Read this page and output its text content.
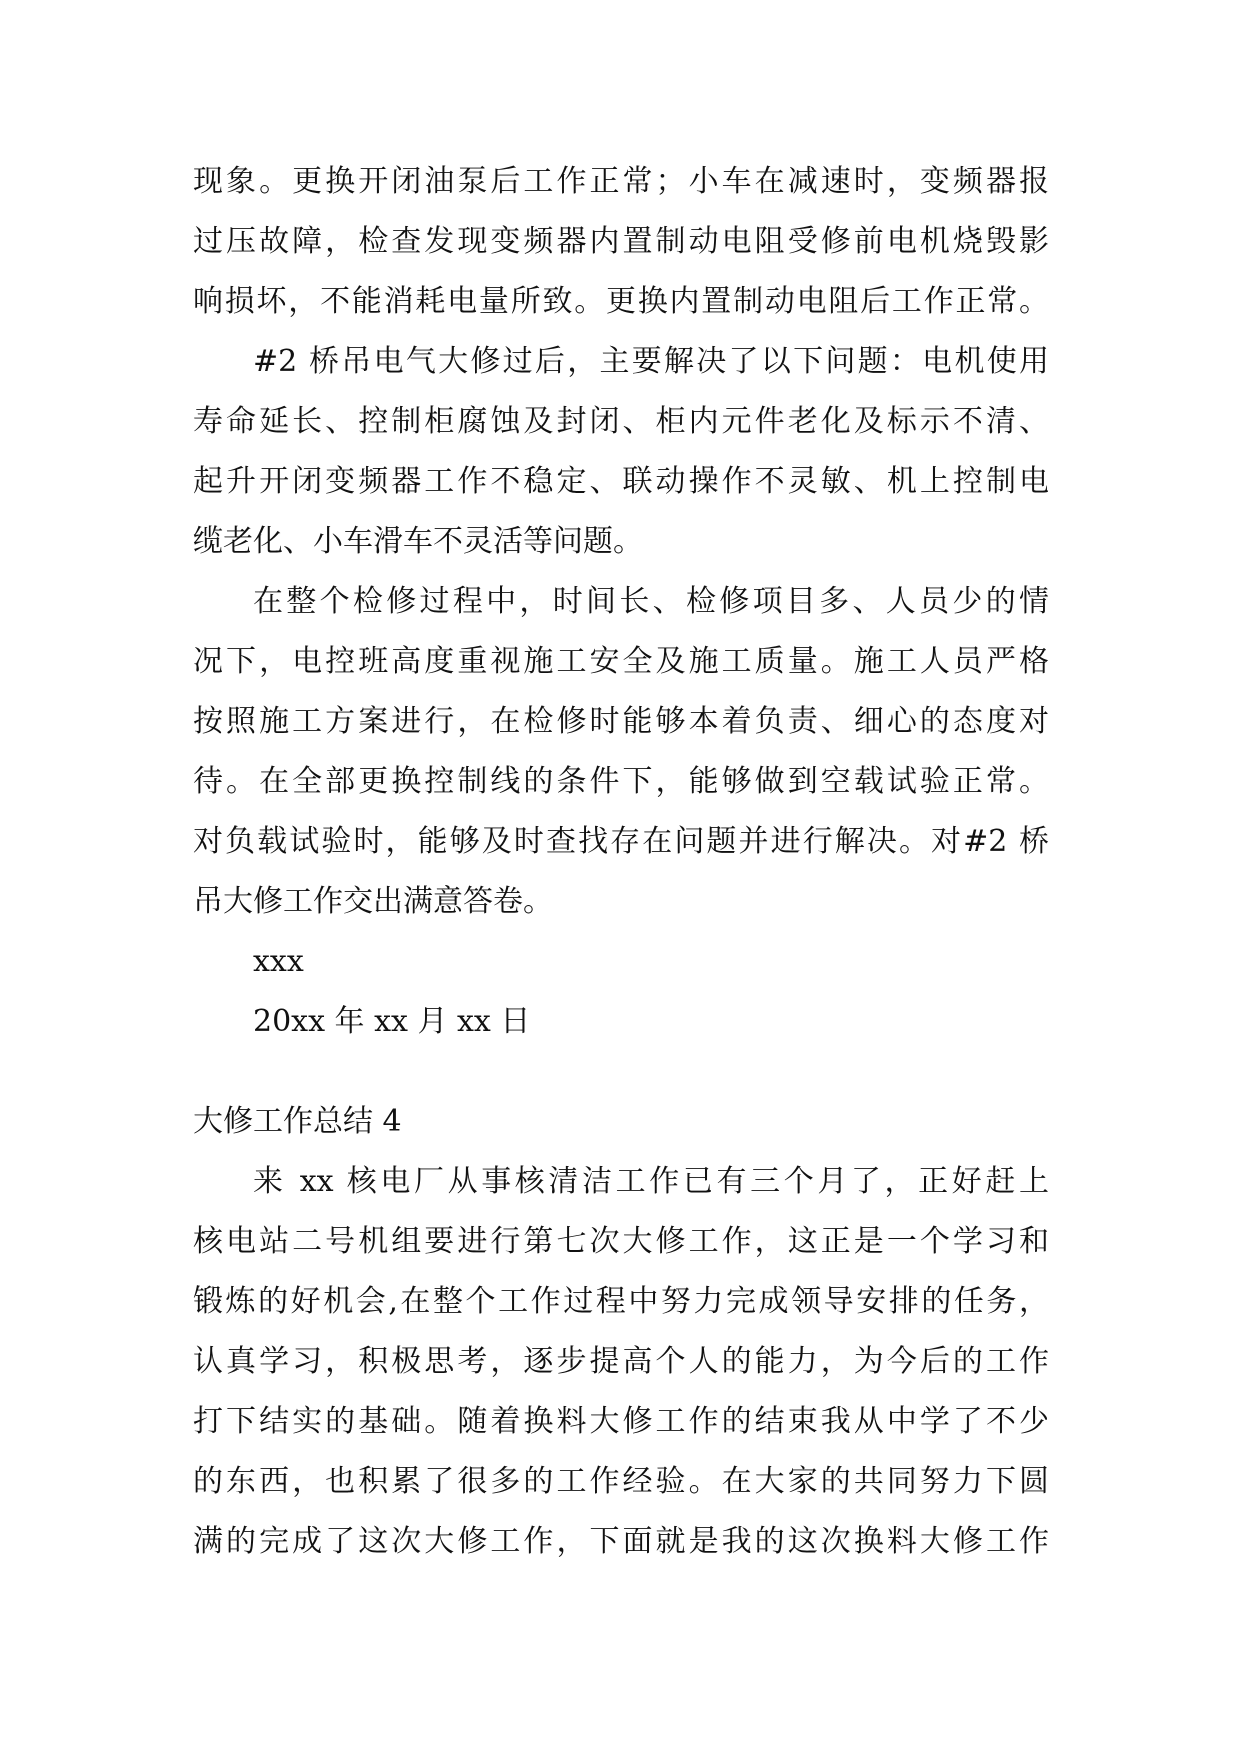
现象。更换开闭油泵后工作正常；小车在减速时，变频器报
过压故障，检查发现变频器内置制动电阻受修前电机烧毁影
响损坏，不能消耗电量所致。更换内置制动电阻后工作正常。
#2 桥吊电气大修过后，主要解决了以下问题：电机使用
寿命延长、控制柜腐蚀及封闭、柜内元件老化及标示不清、
起升开闭变频器工作不稳定、联动操作不灵敏、机上控制电
缆老化、小车滑车不灵活等问题。
在整个检修过程中，时间长、检修项目多、人员少的情
况下，电控班高度重视施工安全及施工质量。施工人员严格
按照施工方案进行，在检修时能够本着负责、细心的态度对
待。在全部更换控制线的条件下，能够做到空载试验正常。
对负载试验时，能够及时查找存在问题并进行解决。对#2 桥
吊大修工作交出满意答卷。
xxx
20xx 年 xx 月 xx 日
大修工作总结 4
来 xx 核电厂从事核清洁工作已有三个月了，正好赶上
核电站二号机组要进行第七次大修工作，这正是一个学习和
锻炼的好机会,在整个工作过程中努力完成领导安排的任务，
认真学习，积极思考，逐步提高个人的能力，为今后的工作
打下结实的基础。随着换料大修工作的结束我从中学了不少
的东西，也积累了很多的工作经验。在大家的共同努力下圆
满的完成了这次大修工作，下面就是我的这次换料大修工作
